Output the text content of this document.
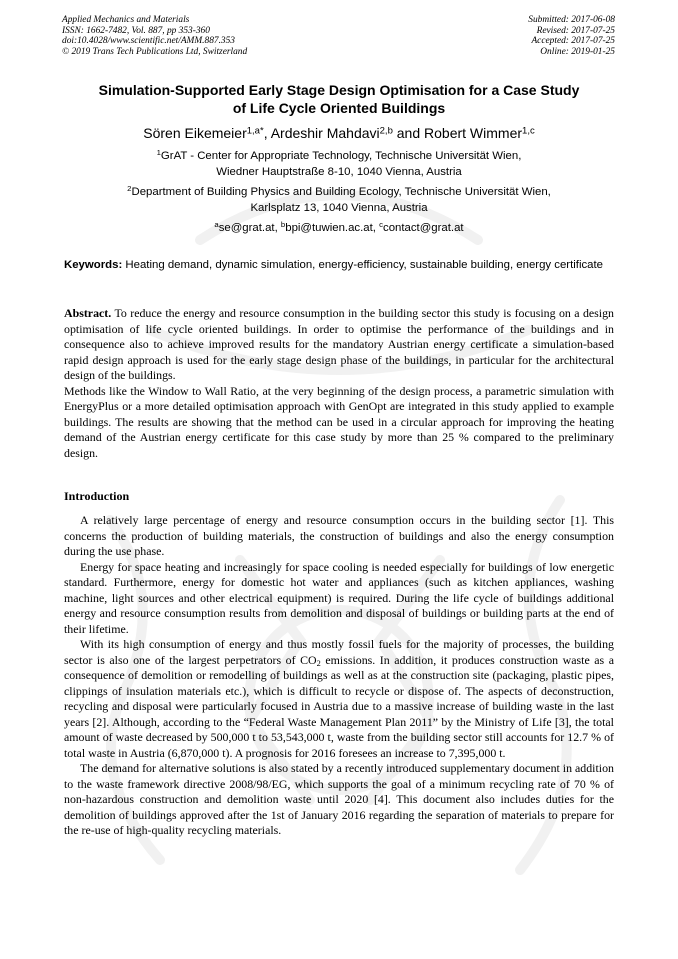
Applied Mechanics and Materials
ISSN: 1662-7482, Vol. 887, pp 353-360
doi:10.4028/www.scientific.net/AMM.887.353
© 2019 Trans Tech Publications Ltd, Switzerland
Submitted: 2017-06-08
Revised: 2017-07-25
Accepted: 2017-07-25
Online: 2019-01-25
Simulation-Supported Early Stage Design Optimisation for a Case Study
of Life Cycle Oriented Buildings
Sören Eikemeier$^{1,a*}$, Ardeshir Mahdavi$^{2,b}$ and Robert Wimmer$^{1,c}$
$^1$GrAT - Center for Appropriate Technology, Technische Universität Wien,
Wiedner Hauptstraße 8-10, 1040 Vienna, Austria
$^2$Department of Building Physics and Building Ecology, Technische Universität Wien,
Karlsplatz 13, 1040 Vienna, Austria
$^a$se@grat.at, $^b$bpi@tuwien.ac.at, $^c$contact@grat.at
Keywords: Heating demand, dynamic simulation, energy-efficiency, sustainable building, energy certificate

Abstract. To reduce the energy and resource consumption in the building sector this study is focusing on a design optimisation of life cycle oriented buildings. In order to optimise the performance of the buildings and in consequence also to achieve improved results for the mandatory Austrian energy certificate a simulation-based rapid design approach is used for the early stage design phase of the buildings, in particular for the architectural design of the buildings.

Methods like the Window to Wall Ratio, at the very beginning of the design process, a parametric simulation with EnergyPlus or a more detailed optimisation approach with GenOpt are integrated in this study applied to example buildings. The results are showing that the method can be used in a circular approach for improving the heating demand of the Austrian energy certificate for this case study by more than 25 % compared to the preliminary design.

Introduction

A relatively large percentage of energy and resource consumption occurs in the building sector [1]. This concerns the production of building materials, the construction of buildings and also the energy consumption during the use phase.

Energy for space heating and increasingly for space cooling is needed especially for buildings of low energetic standard. Furthermore, energy for domestic hot water and appliances (such as kitchen appliances, washing machine, light sources and other electrical equipment) is required. During the life cycle of buildings additional energy and resource consumption results from demolition and disposal of buildings or building parts at the end of their lifetime.

With its high consumption of energy and thus mostly fossil fuels for the majority of processes, the building sector is also one of the largest perpetrators of $CO_2$ emissions. In addition, it produces construction waste as a consequence of demolition or remodelling of buildings as well as at the construction site (packaging, plastic pipes, clippings of insulation materials etc.), which is difficult to recycle or dispose of. The aspects of deconstruction, recycling and disposal were particularly focused in Austria due to a massive increase of building waste in the last years [2]. Although, according to the “Federal Waste Management Plan 2011” by the Ministry of Life [3], the total amount of waste decreased by 500,000 t to 53,543,000 t, waste from the building sector still accounts for 12.7 % of total waste in Austria (6,870,000 t). A prognosis for 2016 foresees an increase to 7,395,000 t.

The demand for alternative solutions is also stated by a recently introduced supplementary document in addition to the waste framework directive 2008/98/EG, which supports the goal of a minimum recycling rate of 70 % of non-hazardous construction and demolition waste until 2020 [4]. This document also includes duties for the demolition of buildings approved after the 1st of January 2016 regarding the separation of materials to prepare for the re-use of high-quality recycling materials.
